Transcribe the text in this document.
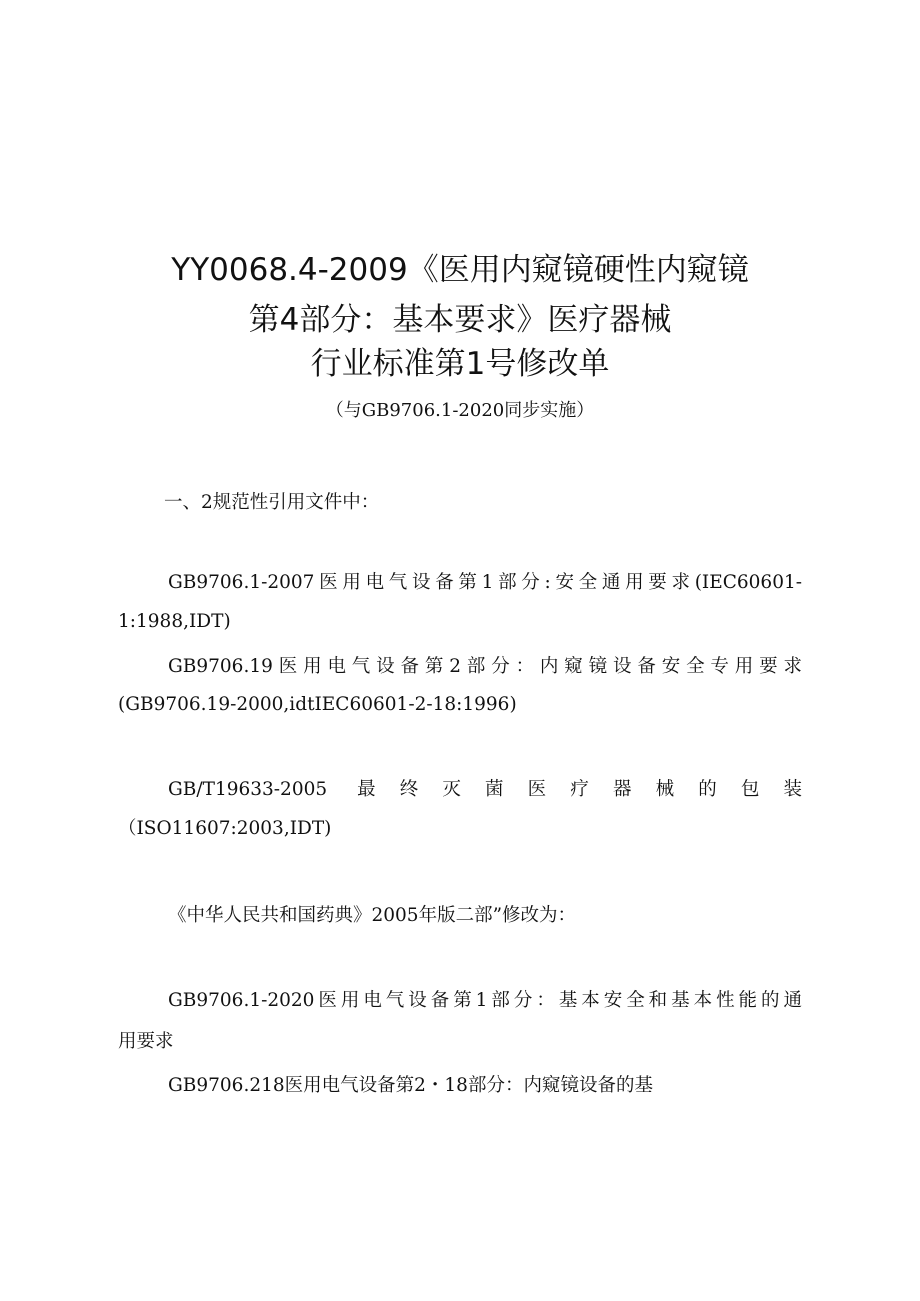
YY0068.4-2009《医用内窥镜硬性内窥镜
第4部分：基本要求》医疗器械
行业标准第1号修改单
（与GB9706.1-2020同步实施）
一、2规范性引用文件中：
GB9706.1-2007医用电气设备第1部分:安全通用要求(IEC60601-
1:1988,IDT)
GB9706.19医用电气设备第2部分：内窥镜设备安全专用要求
(GB9706.19-2000,idtIEC60601-2-18:1996)
GB/T19633-2005 最终灭菌医疗器械的包装
（ISO11607:2003,IDT)
《中华人民共和国药典》2005年版二部”修改为：
GB9706.1-2020医用电气设备第1部分：基本安全和基本性能的通
用要求
GB9706.218医用电气设备第2・18部分：内窥镜设备的基
